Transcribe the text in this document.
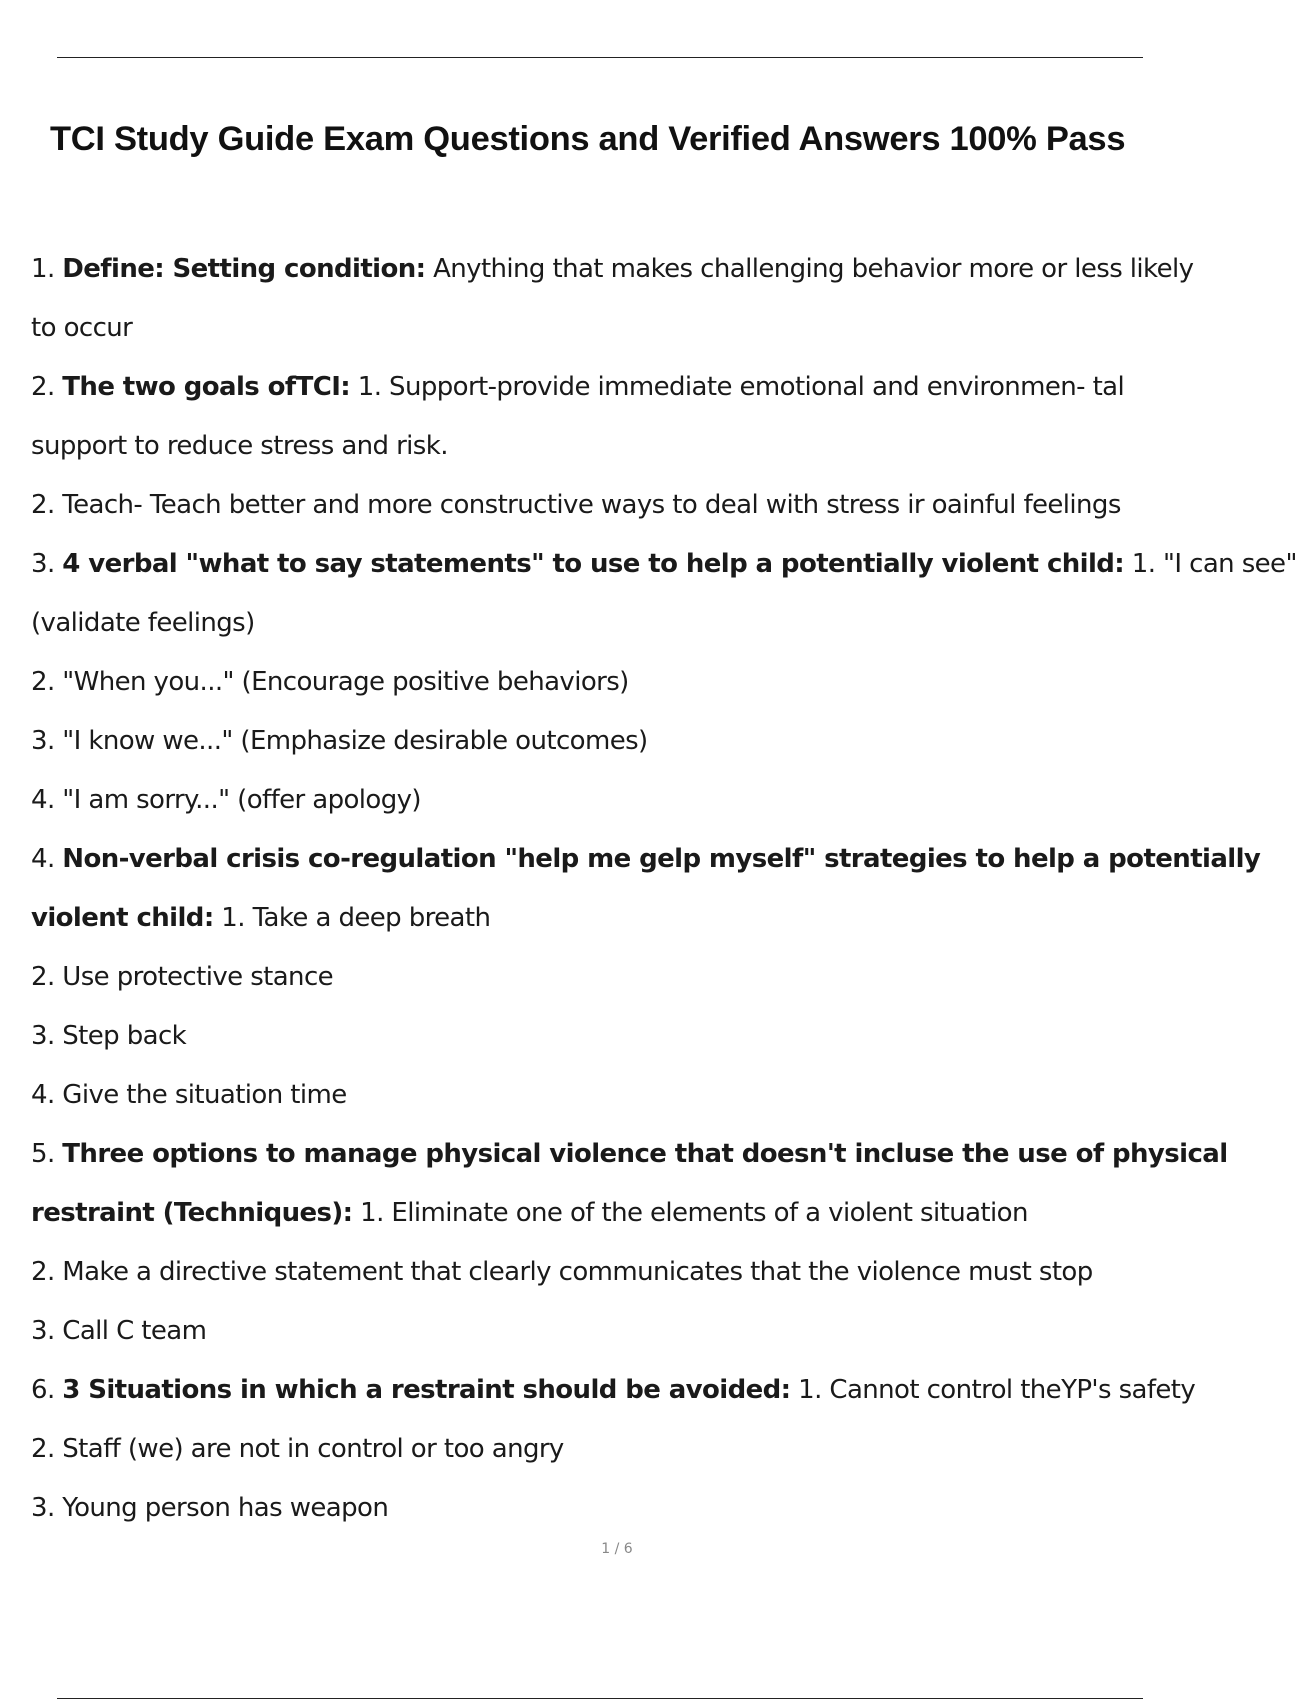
TCI Study Guide Exam Questions and Verified Answers 100% Pass
1. Define: Setting condition: Anything that makes challenging behavior more or less likely
to occur
2. The two goals ofTCI: 1. Support-provide immediate emotional and environmen- tal
support to reduce stress and risk.
2. Teach- Teach better and more constructive ways to deal with stress ir oainful feelings
3. 4 verbal "what to say statements" to use to help a potentially violent child: 1. "I can see"
(validate feelings)
2. "When you..." (Encourage positive behaviors)
3. "I know we..." (Emphasize desirable outcomes)
4. "I am sorry..." (offer apology)
4. Non-verbal crisis co-regulation "help me gelp myself" strategies to help a potentially
violent child: 1. Take a deep breath
2. Use protective stance
3. Step back
4. Give the situation time
5. Three options to manage physical violence that doesn't incluse the use of physical
restraint (Techniques): 1. Eliminate one of the elements of a violent situation
2. Make a directive statement that clearly communicates that the violence must stop
3. Call C team
6. 3 Situations in which a restraint should be avoided: 1. Cannot control theYP's safety
2. Staff (we) are not in control or too angry
3. Young person has weapon
1 / 6
